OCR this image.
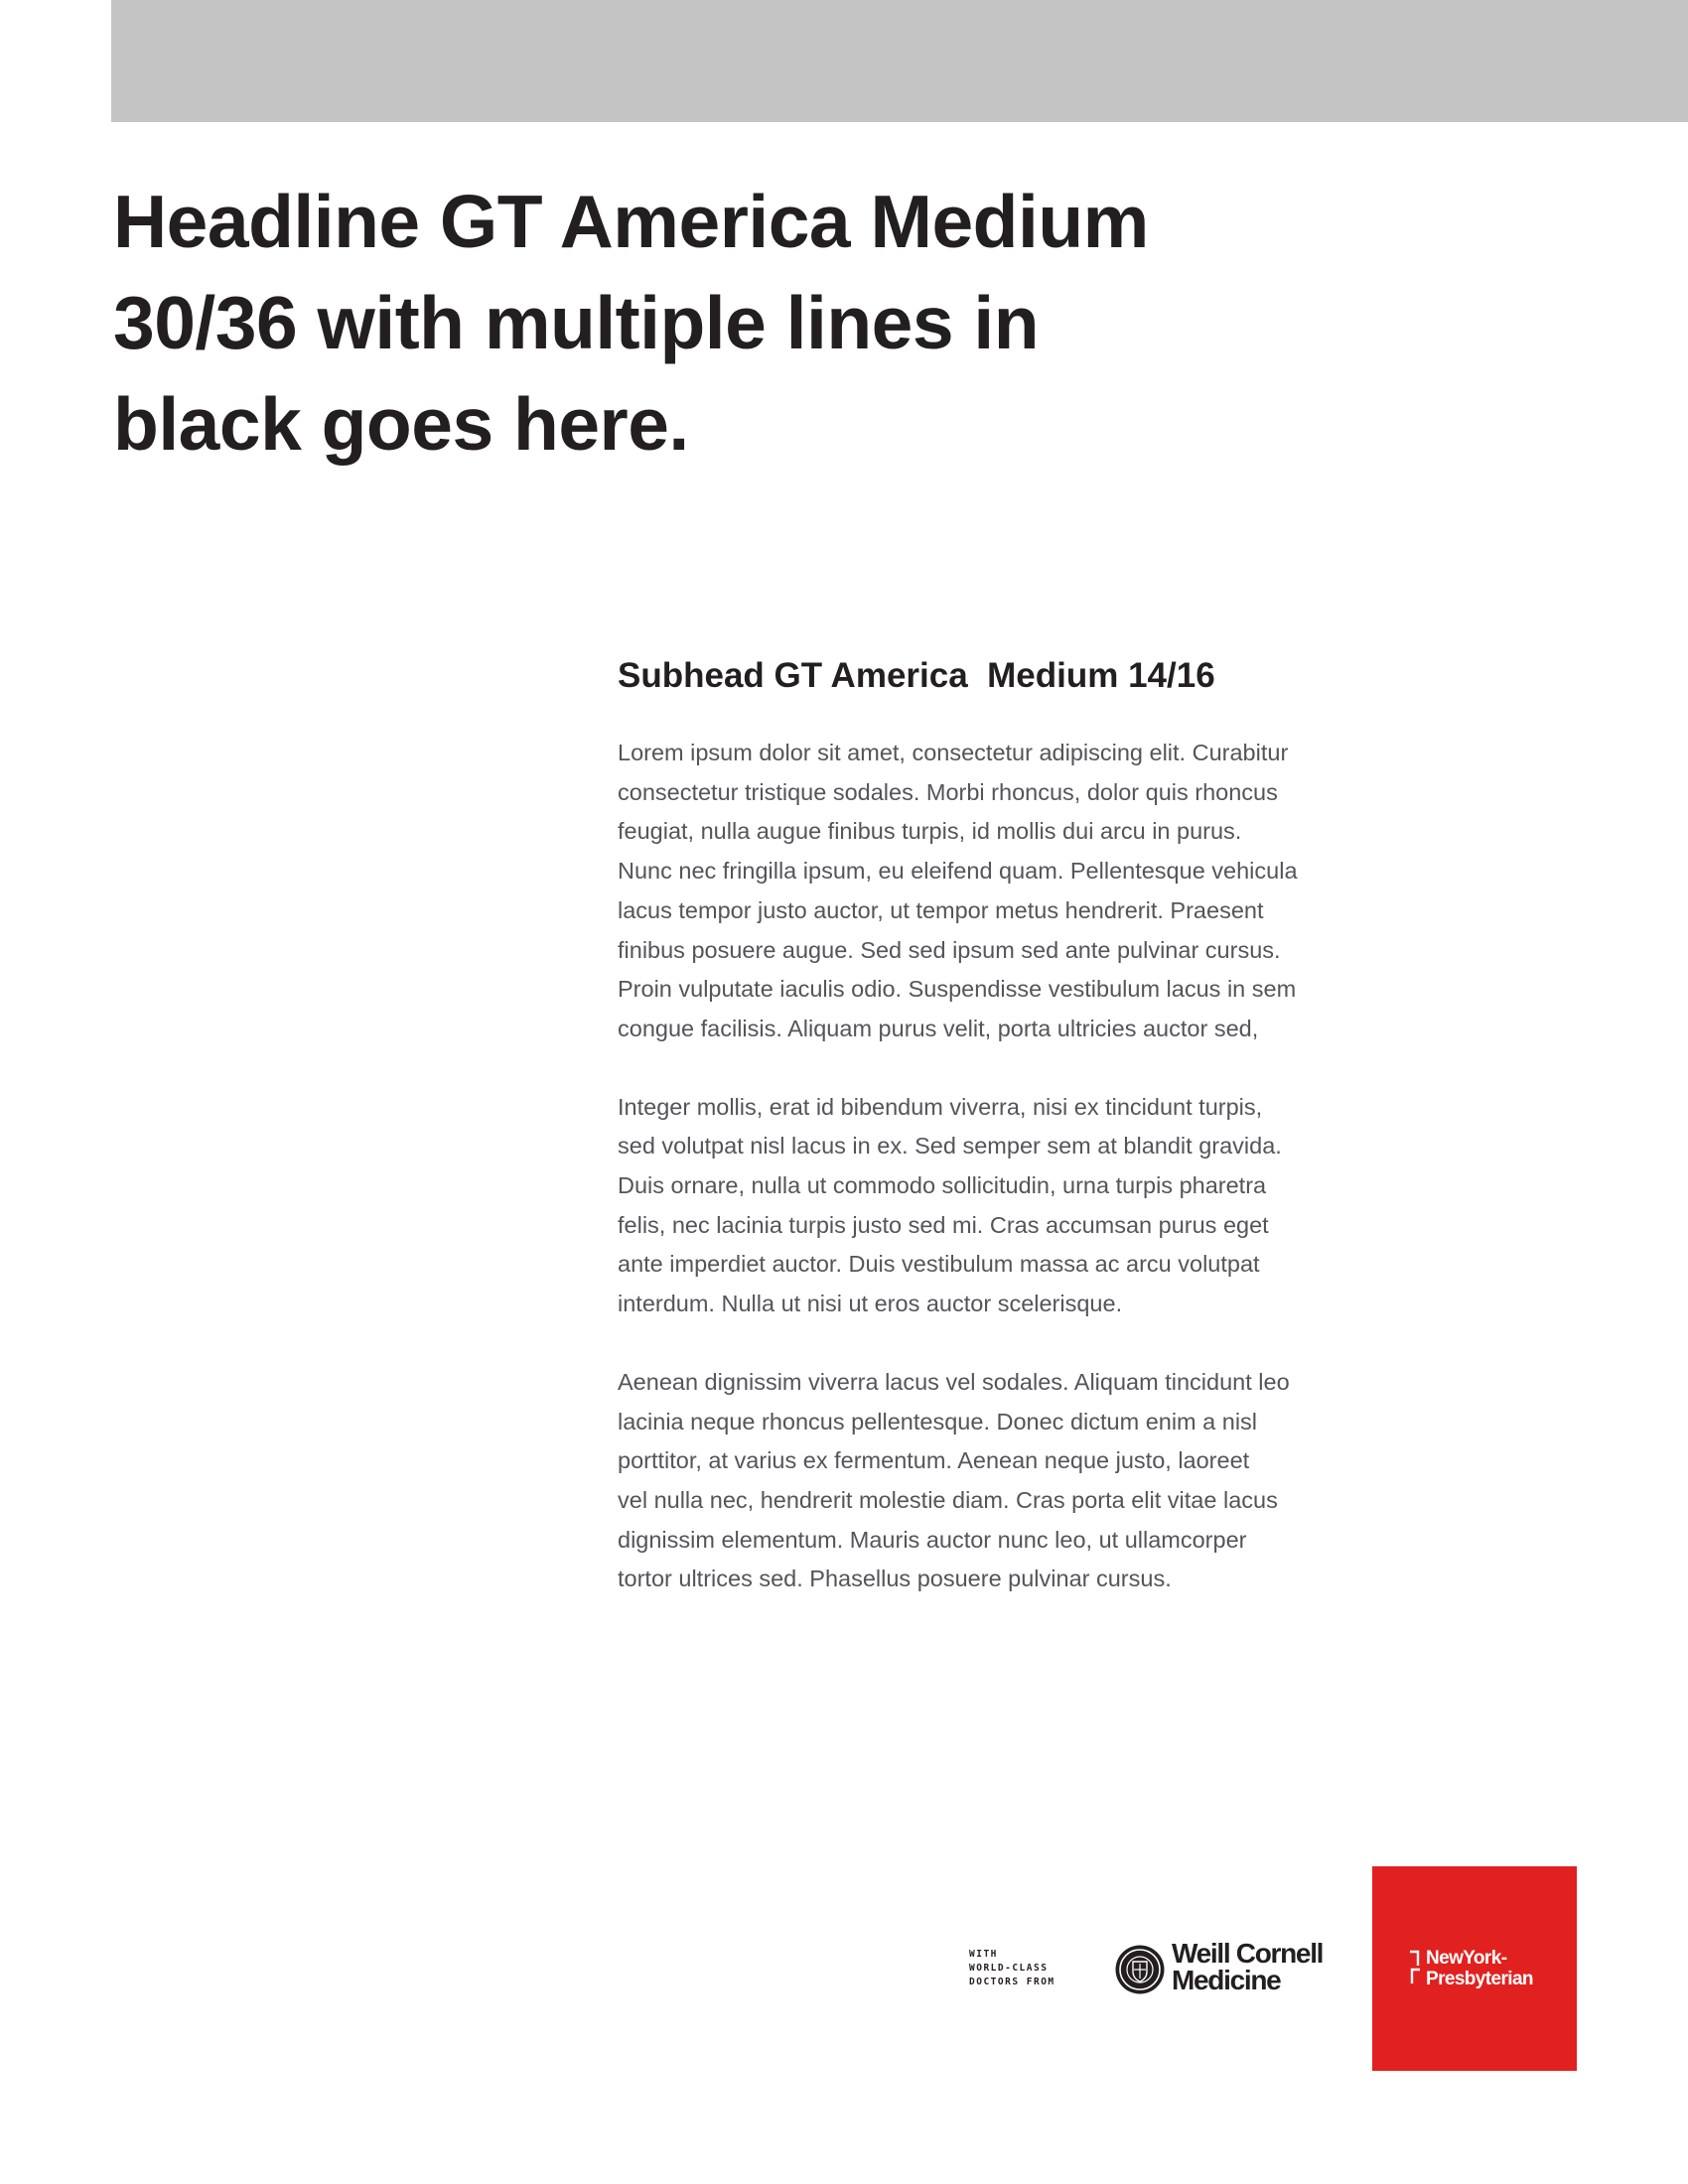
Headline GT America Medium
30/36 with multiple lines in
black goes here.
Subhead GT America  Medium 14/16

Lorem ipsum dolor sit amet, consectetur adipiscing elit. Curabitur
consectetur tristique sodales. Morbi rhoncus, dolor quis rhoncus
feugiat, nulla augue finibus turpis, id mollis dui arcu in purus.
Nunc nec fringilla ipsum, eu eleifend quam. Pellentesque vehicula
lacus tempor justo auctor, ut tempor metus hendrerit. Praesent
finibus posuere augue. Sed sed ipsum sed ante pulvinar cursus.
Proin vulputate iaculis odio. Suspendisse vestibulum lacus in sem
congue facilisis. Aliquam purus velit, porta ultricies auctor sed,

Integer mollis, erat id bibendum viverra, nisi ex tincidunt turpis,
sed volutpat nisl lacus in ex. Sed semper sem at blandit gravida.
Duis ornare, nulla ut commodo sollicitudin, urna turpis pharetra
felis, nec lacinia turpis justo sed mi. Cras accumsan purus eget
ante imperdiet auctor. Duis vestibulum massa ac arcu volutpat
interdum. Nulla ut nisi ut eros auctor scelerisque.

Aenean dignissim viverra lacus vel sodales. Aliquam tincidunt leo
lacinia neque rhoncus pellentesque. Donec dictum enim a nisl
porttitor, at varius ex fermentum. Aenean neque justo, laoreet
vel nulla nec, hendrerit molestie diam. Cras porta elit vitae lacus
dignissim elementum. Mauris auctor nunc leo, ut ullamcorper
tortor ultrices sed. Phasellus posuere pulvinar cursus.

WITH
WORLD-CLASS
DOCTORS FROM
Weill Cornell
Medicine
NewYork-
Presbyterian
